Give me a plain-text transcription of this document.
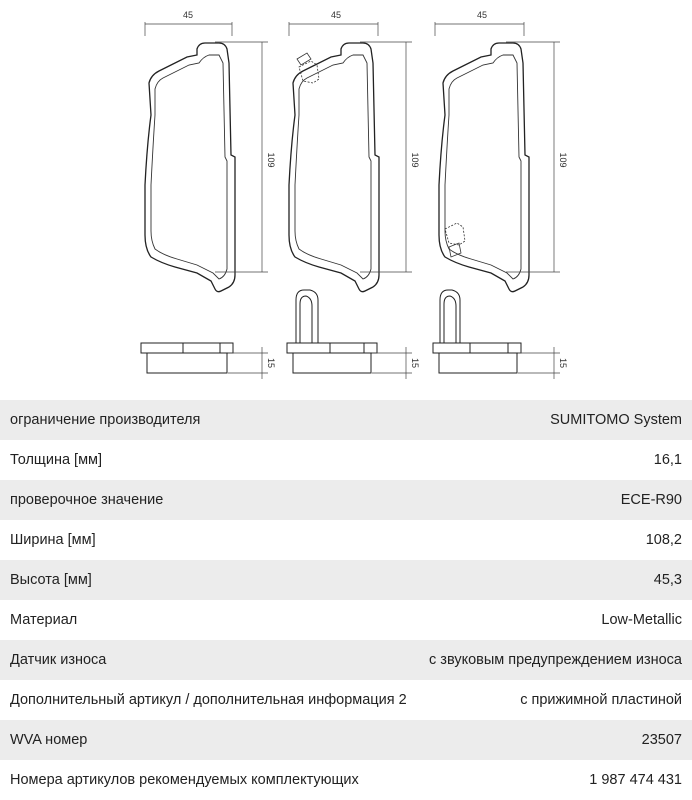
45	45	45
109	109	109
15	15	15
ограничение производителя	SUMITOMO System
Толщина [мм]	16,1
проверочное значение	ECE-R90
Ширина [мм]	108,2
Высота [мм]	45,3
Материал	Low-Metallic
Датчик износа	с звуковым предупреждением износа
Дополнительный артикул / дополнительная информация 2	с прижимной пластиной
WVA номер	23507
Номера артикулов рекомендуемых комплектующих	1 987 474 431
